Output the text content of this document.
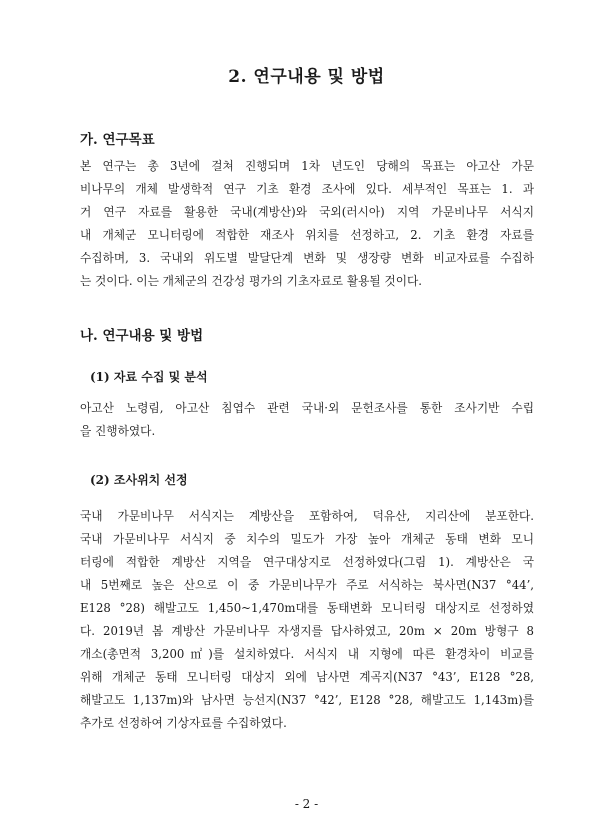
2. 연구내용 및 방법
가. 연구목표
본 연구는 총 3년에 걸쳐 진행되며 1차 년도인 당해의 목표는 아고산 가문
비나무의 개체 발생학적 연구 기초 환경 조사에 있다. 세부적인 목표는 1. 과
거 연구 자료를 활용한 국내(계방산)와 국외(러시아) 지역 가문비나무 서식지
내 개체군 모니터링에 적합한 재조사 위치를 선정하고, 2. 기초 환경 자료를
수집하며, 3. 국내외 위도별 발달단계 변화 및 생장량 변화 비교자료를 수집하
는 것이다. 이는 개체군의 건강성 평가의 기초자료로 활용될 것이다.
나. 연구내용 및 방법
(1) 자료 수집 및 분석
아고산 노령림, 아고산 침엽수 관련 국내·외 문헌조사를 통한 조사기반 수립
을 진행하였다.
(2) 조사위치 선정
국내 가문비나무 서식지는 계방산을 포함하여, 덕유산, 지리산에 분포한다.
국내 가문비나무 서식지 중 치수의 밀도가 가장 높아 개체군 동태 변화 모니
터링에 적합한 계방산 지역을 연구대상지로 선정하였다(그림 1). 계방산은 국
내 5번째로 높은 산으로 이 중 가문비나무가 주로 서식하는 북사면(N37 °44’,
E128 °28) 해발고도 1,450~1,470m대를 동태변화 모니터링 대상지로 선정하였
다. 2019년 봄 계방산 가문비나무 자생지를 답사하였고, 20m × 20m 방형구 8
개소(총면적 3,200㎡)를 설치하였다. 서식지 내 지형에 따른 환경차이 비교를
위해 개체군 동태 모니터링 대상지 외에 남사면 계곡지(N37 °43’, E128 °28,
해발고도 1,137m)와 남사면 능선지(N37 °42’, E128 °28, 해발고도 1,143m)를
추가로 선정하여 기상자료를 수집하였다.
- 2 -
